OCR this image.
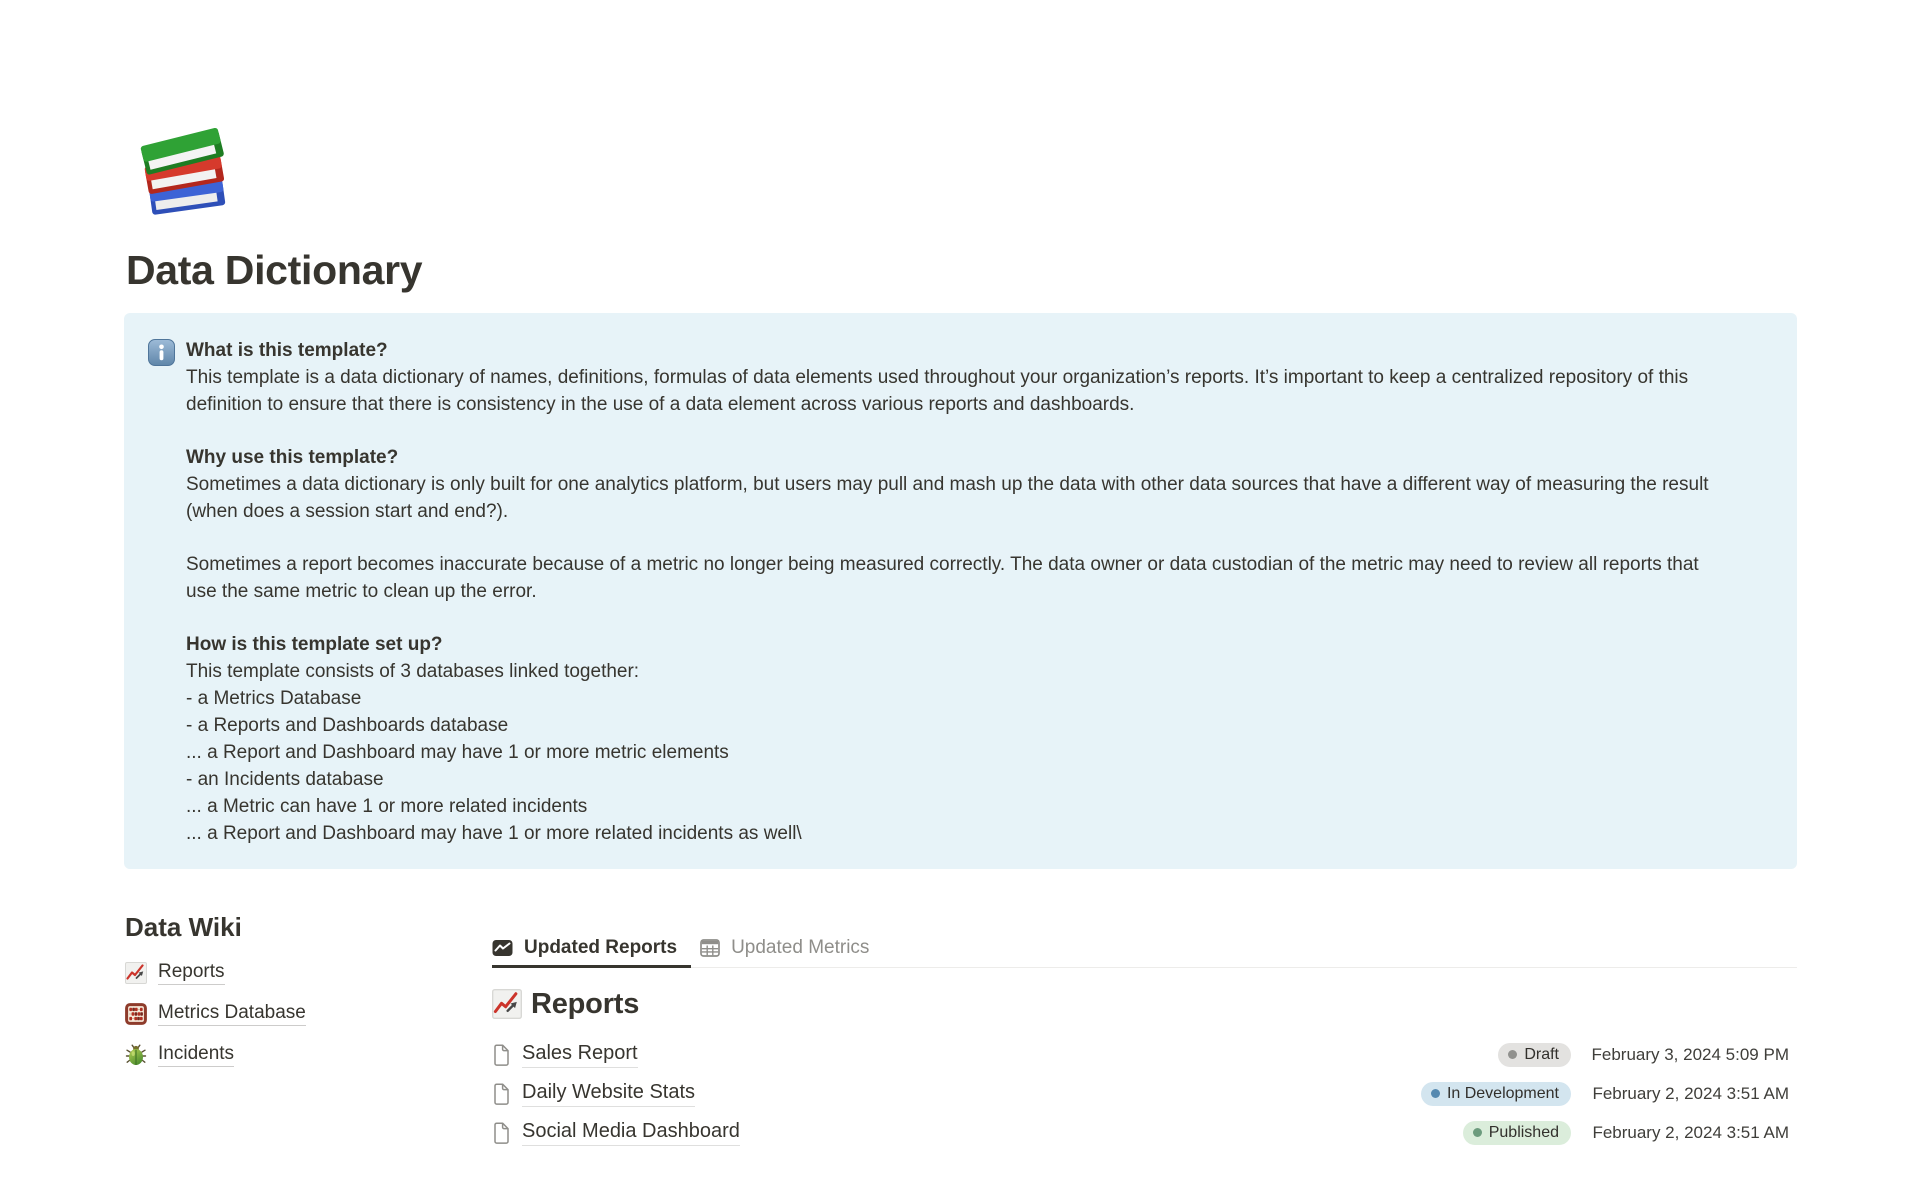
Data Dictionary
What is this template?
This template is a data dictionary of names, definitions, formulas of data elements used throughout your organization’s reports. It’s important to keep a centralized repository of this definition to ensure that there is consistency in the use of a data element across various reports and dashboards.
Why use this template?
Sometimes a data dictionary is only built for one analytics platform, but users may pull and mash up the data with other data sources that have a different way of measuring the result (when does a session start and end?).
Sometimes a report becomes inaccurate because of a metric no longer being measured correctly. The data owner or data custodian of the metric may need to review all reports that use the same metric to clean up the error.
How is this template set up?
This template consists of 3 databases linked together:
- a Metrics Database
- a Reports and Dashboards database
... a Report and Dashboard may have 1 or more metric elements
- an Incidents database
... a Metric can have 1 or more related incidents
... a Report and Dashboard may have 1 or more related incidents as well\
Data Wiki
Reports
Metrics Database
Incidents
Updated Reports	Updated Metrics
Reports
Sales Report	Draft February 3, 2024 5:09 PM
Daily Website Stats	In Development February 2, 2024 3:51 AM
Social Media Dashboard	Published February 2, 2024 3:51 AM
